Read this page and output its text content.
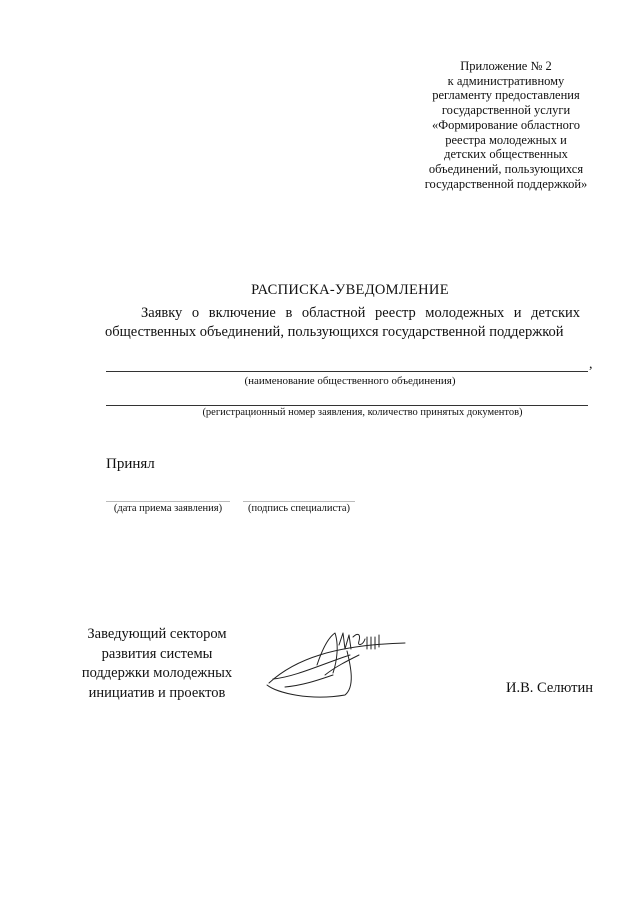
Приложение № 2
к административному
регламенту предоставления
государственной услуги
«Формирование областного
реестра молодежных и
детских общественных
объединений, пользующихся
государственной поддержкой»
РАСПИСКА-УВЕДОМЛЕНИЕ
Заявку о включение в областной реестр молодежных и детских
общественных объединений, пользующихся государственной поддержкой
,
(наименование общественного объединения)
(регистрационный номер заявления, количество принятых документов)
Принял
(дата приема заявления)	(подпись специалиста)
Заведующий сектором
развития системы
поддержки молодежных
инициатив и проектов	И.В. Селютин
